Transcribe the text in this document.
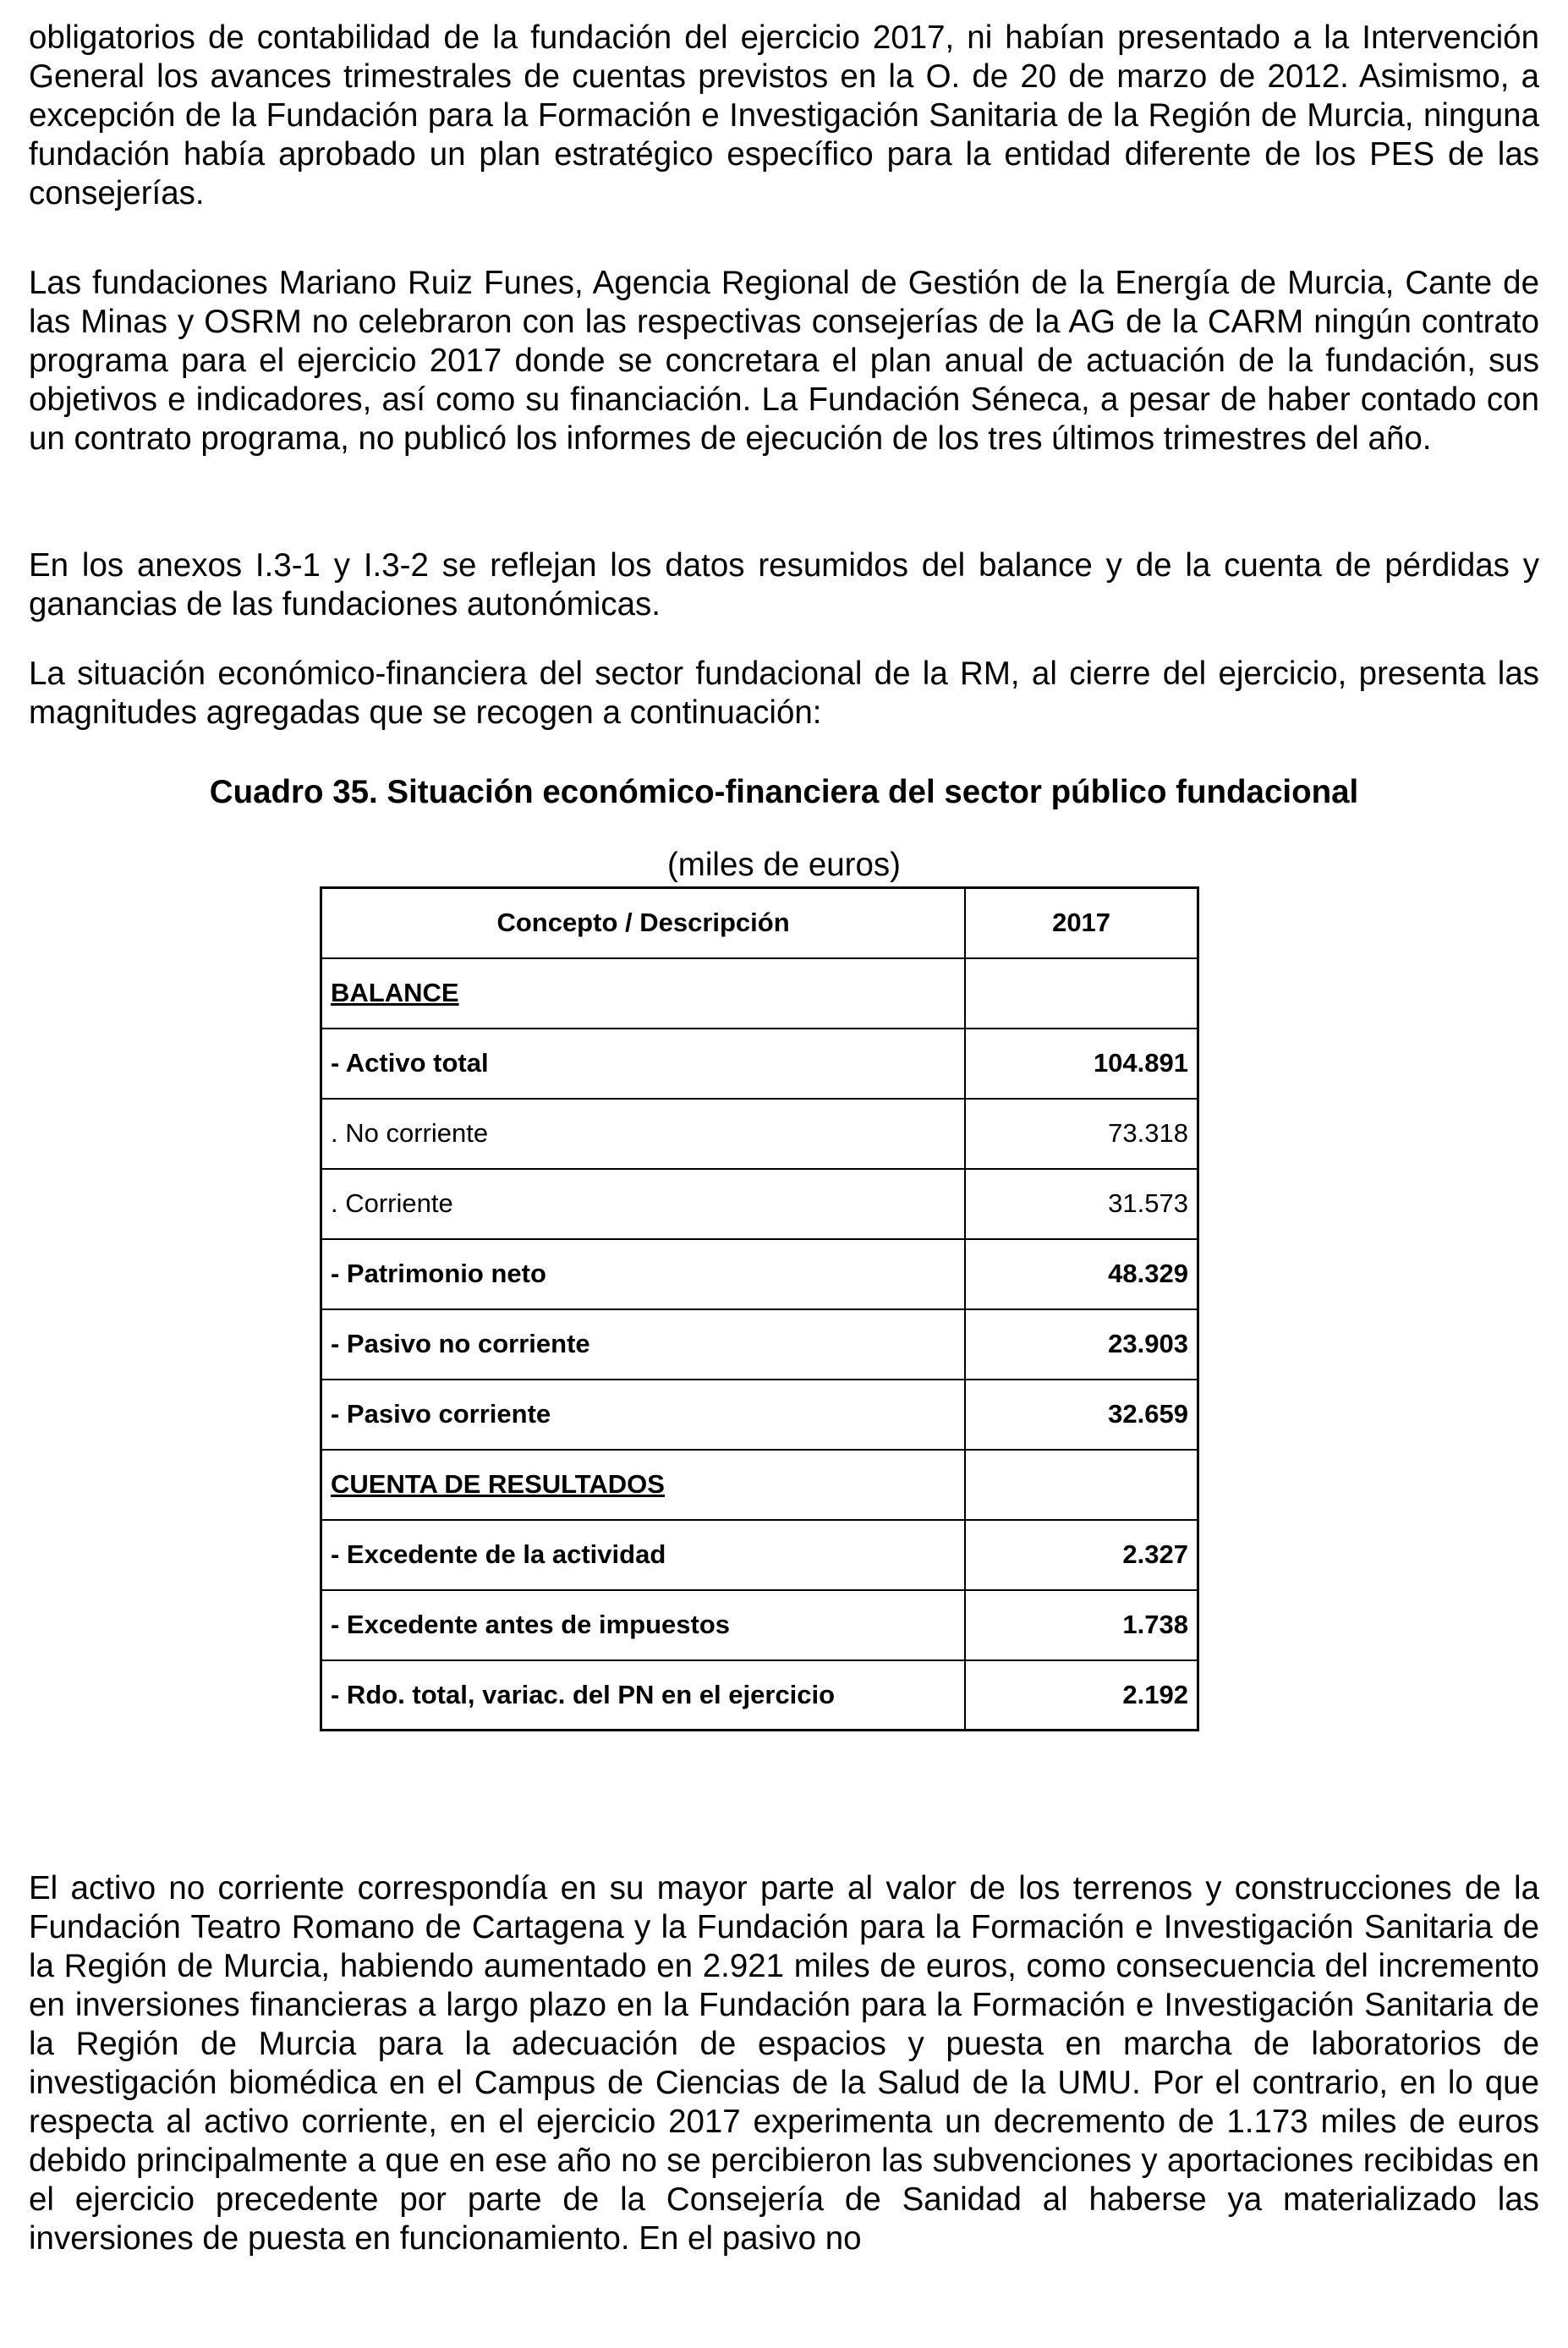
obligatorios de contabilidad de la fundación del ejercicio 2017, ni habían presentado a la Intervención General los avances trimestrales de cuentas previstos en la O. de 20 de marzo de 2012. Asimismo, a excepción de la Fundación para la Formación e Investigación Sanitaria de la Región de Murcia, ninguna fundación había aprobado un plan estratégico específico para la entidad diferente de los PES de las consejerías.

Las fundaciones Mariano Ruiz Funes, Agencia Regional de Gestión de la Energía de Murcia, Cante de las Minas y OSRM no celebraron con las respectivas consejerías de la AG de la CARM ningún contrato programa para el ejercicio 2017 donde se concretara el plan anual de actuación de la fundación, sus objetivos e indicadores, así como su financiación. La Fundación Séneca, a pesar de haber contado con un contrato programa, no publicó los informes de ejecución de los tres últimos trimestres del año.

En los anexos I.3-1 y I.3-2 se reflejan los datos resumidos del balance y de la cuenta de pérdidas y ganancias de las fundaciones autonómicas.

La situación económico-financiera del sector fundacional de la RM, al cierre del ejercicio, presenta las magnitudes agregadas que se recogen a continuación:

Cuadro 35. Situación económico-financiera del sector público fundacional
(miles de euros)

El activo no corriente correspondía en su mayor parte al valor de los terrenos y construcciones de la Fundación Teatro Romano de Cartagena y la Fundación para la Formación e Investigación Sanitaria de la Región de Murcia, habiendo aumentado en 2.921 miles de euros, como consecuencia del incremento en inversiones financieras a largo plazo en la Fundación para la Formación e Investigación Sanitaria de la Región de Murcia para la adecuación de espacios y puesta en marcha de laboratorios de investigación biomédica en el Campus de Ciencias de la Salud de la UMU. Por el contrario, en lo que respecta al activo corriente, en el ejercicio 2017 experimenta un decremento de 1.173 miles de euros debido principalmente a que en ese año no se percibieron las subvenciones y aportaciones recibidas en el ejercicio precedente por parte de la Consejería de Sanidad al haberse ya materializado las inversiones de puesta en funcionamiento. En el pasivo no

Concepto / Descripción	2017
BALANCE	
- Activo total	104.891
. No corriente	73.318
. Corriente	31.573
- Patrimonio neto	48.329
- Pasivo no corriente	23.903
- Pasivo corriente	32.659
CUENTA DE RESULTADOS	
- Excedente de la actividad	2.327
- Excedente antes de impuestos	1.738
- Rdo. total, variac. del PN en el ejercicio	2.192
